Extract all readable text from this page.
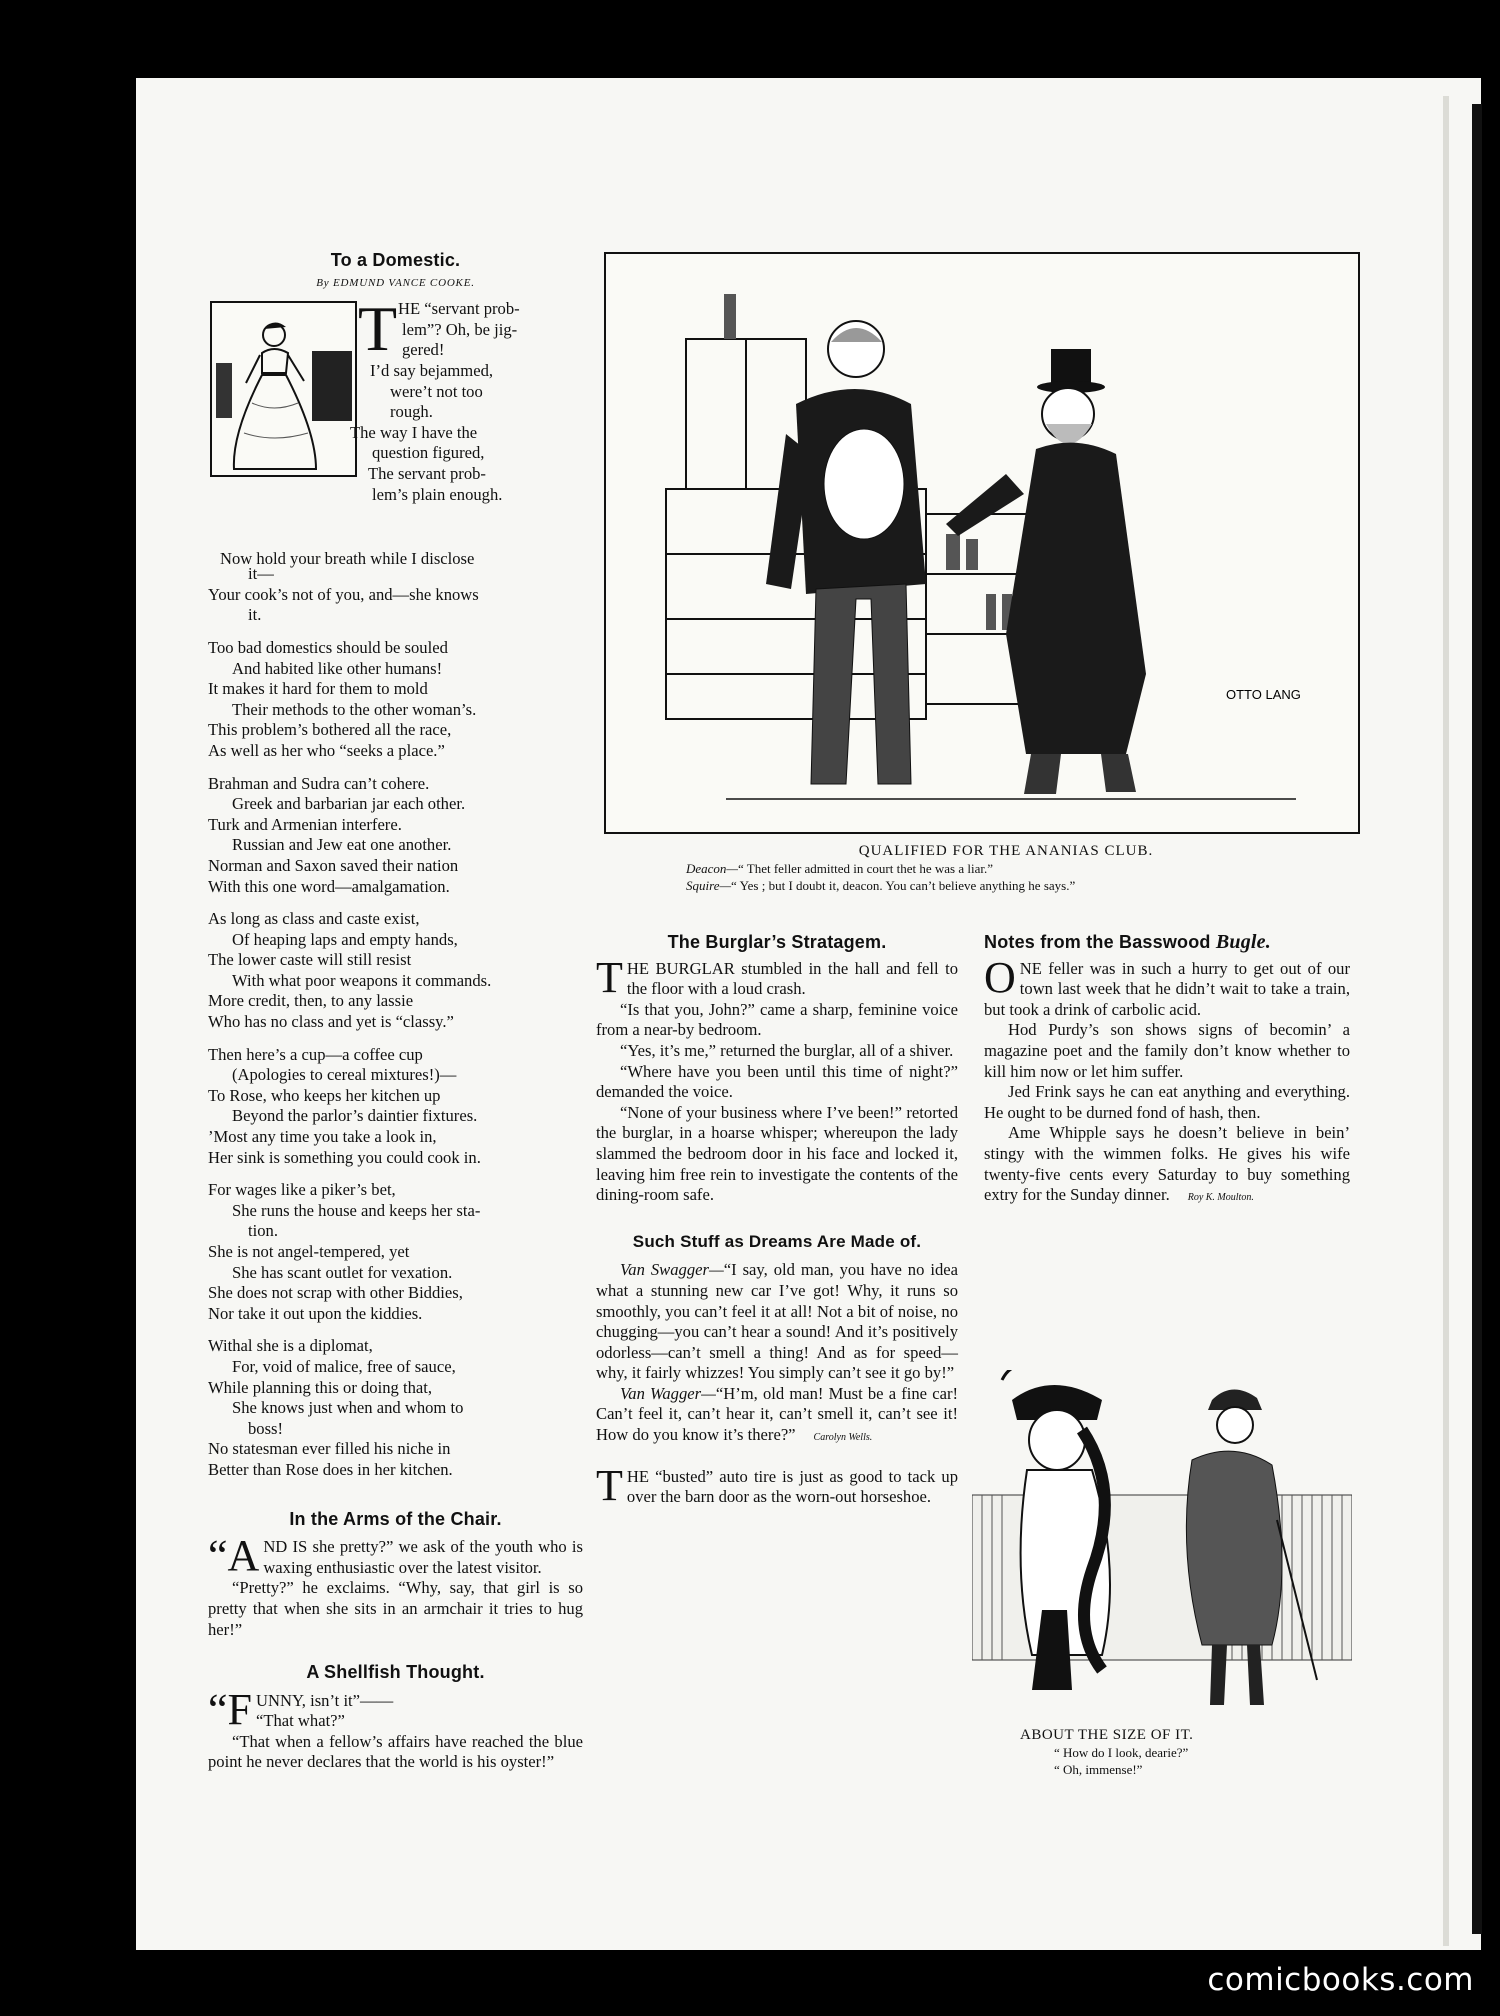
To a Domestic.
By EDMUND VANCE COOKE.
T HE “servant prob-
lem”? Oh, be jig-
gered!
I’d say bejammed,
were’t not too
rough.
The way I have the
question figured,
The servant prob-
lem’s plain enough.
Now hold your breath while I disclose

it—
Your cook’s not of you, and—she knows
it.

Too bad domestics should be souled
And habited like other humans!
It makes it hard for them to mold
Their methods to the other woman’s.
This problem’s bothered all the race,
As well as her who “seeks a place.”

Brahman and Sudra can’t cohere.
Greek and barbarian jar each other.
Turk and Armenian interfere.
Russian and Jew eat one another.
Norman and Saxon saved their nation
With this one word—amalgamation.

As long as class and caste exist,
Of heaping laps and empty hands,
The lower caste will still resist
With what poor weapons it commands.
More credit, then, to any lassie
Who has no class and yet is “classy.”

Then here’s a cup—a coffee cup
(Apologies to cereal mixtures!)—
To Rose, who keeps her kitchen up
Beyond the parlor’s daintier fixtures.
’Most any time you take a look in,
Her sink is something you could cook in.

For wages like a piker’s bet,
She runs the house and keeps her sta-
tion.
She is not angel-tempered, yet
She has scant outlet for vexation.
She does not scrap with other Biddies,
Nor take it out upon the kiddies.

Withal she is a diplomat,
For, void of malice, free of sauce,
While planning this or doing that,
She knows just when and whom to
boss!
No statesman ever filled his niche in
Better than Rose does in her kitchen.

In the Arms of the Chair.

“AND IS she pretty?” we ask of the youth who is waxing enthusiastic over the latest visitor.

“Pretty?” he exclaims. “Why, say, that girl is so pretty that when she sits in an armchair it tries to hug her!”

A Shellfish Thought.

“FUNNY, isn’t it”——

“That what?”

“That when a fellow’s affairs have reached the blue point he never declares that the world is his oyster!”

OTTO LANG
QUALIFIED FOR THE ANANIAS CLUB.
Deacon—“ Thet feller admitted in court thet he was a liar.”
Squire—“ Yes ; but I doubt it, deacon. You can’t believe anything he says.”
The Burglar’s Stratagem.

THE BURGLAR stumbled in the hall and fell to the floor with a loud crash.

“Is that you, John?” came a sharp, feminine voice from a near-by bedroom.

“Yes, it’s me,” returned the burglar, all of a shiver.

“Where have you been until this time of night?” demanded the voice.

“None of your business where I’ve been!” retorted the burglar, in a hoarse whisper; whereupon the lady slammed the bedroom door in his face and locked it, leaving him free rein to investigate the contents of the dining-room safe.

Such Stuff as Dreams Are Made of.

Van Swagger—“I say, old man, you have no idea what a stunning new car I’ve got! Why, it runs so smoothly, you can’t feel it at all! Not a bit of noise, no chugging—you can’t hear a sound! And it’s positively odorless—can’t smell a thing! And as for speed—why, it fairly whizzes! You simply can’t see it go by!”

Van Wagger—“H’m, old man! Must be a fine car! Can’t feel it, can’t hear it, can’t smell it, can’t see it! How do you know it’s there?” Carolyn Wells.

THE “busted” auto tire is just as good to tack up over the barn door as the worn-out horseshoe.

Notes from the Basswood Bugle.

ONE feller was in such a hurry to get out of our town last week that he didn’t wait to take a train, but took a drink of carbolic acid.

Hod Purdy’s son shows signs of becomin’ a magazine poet and the family don’t know whether to kill him now or let him suffer.

Jed Frink says he can eat anything and everything. He ought to be durned fond of hash, then.

Ame Whipple says he doesn’t believe in bein’ stingy with the wimmen folks. He gives his wife twenty-five cents every Saturday to buy something extry for the Sunday dinner. Roy K. Moulton.

ABOUT THE SIZE OF IT.
“ How do I look, dearie?”
“ Oh, immense!”
comicbooks.com
